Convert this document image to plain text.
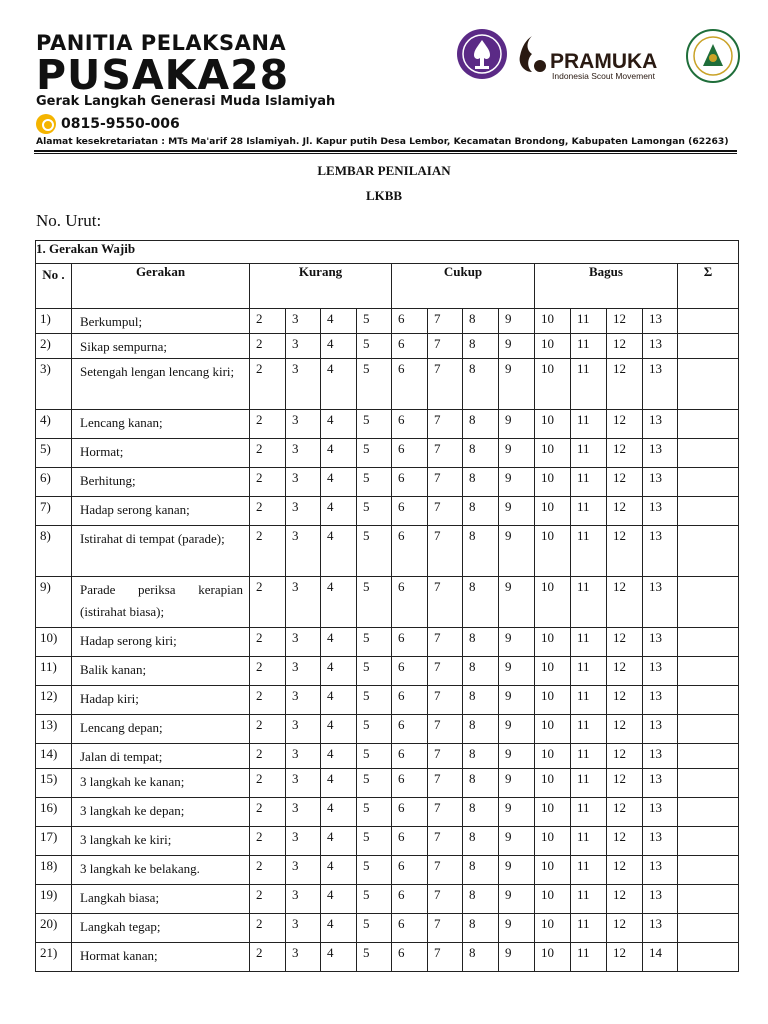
PANITIA PELAKSANA
PUSAKA28
Gerak Langkah Generasi Muda Islamiyah
0815-9550-006
PRAMUKA
Indonesia Scout Movement
Alamat kesekretariatan : MTs Ma'arif 28 Islamiyah. Jl. Kapur putih Desa Lembor, Kecamatan Brondong, Kabupaten Lamongan (62263)
LEMBAR PENILAIAN
LKBB
No. Urut:
1. Gerakan Wajib														
No .	Gerakan	Kurang				Cukup				Bagus				Σ
1)	Berkumpul;	2	3	4	5	6	7	8	9	10	11	12	13	
2)	Sikap sempurna;	2	3	4	5	6	7	8	9	10	11	12	13	
3)	Setengah lengan lencang kiri;	2	3	4	5	6	7	8	9	10	11	12	13	
4)	Lencang kanan;	2	3	4	5	6	7	8	9	10	11	12	13	
5)	Hormat;	2	3	4	5	6	7	8	9	10	11	12	13	
6)	Berhitung;	2	3	4	5	6	7	8	9	10	11	12	13	
7)	Hadap serong kanan;	2	3	4	5	6	7	8	9	10	11	12	13	
8)	Istirahat di tempat (parade);	2	3	4	5	6	7	8	9	10	11	12	13	
9)	Parade periksa kerapian (istirahat biasa);	2	3	4	5	6	7	8	9	10	11	12	13	
10)	Hadap serong kiri;	2	3	4	5	6	7	8	9	10	11	12	13	
11)	Balik kanan;	2	3	4	5	6	7	8	9	10	11	12	13	
12)	Hadap kiri;	2	3	4	5	6	7	8	9	10	11	12	13	
13)	Lencang depan;	2	3	4	5	6	7	8	9	10	11	12	13	
14)	Jalan di tempat;	2	3	4	5	6	7	8	9	10	11	12	13	
15)	3 langkah ke kanan;	2	3	4	5	6	7	8	9	10	11	12	13	
16)	3 langkah ke depan;	2	3	4	5	6	7	8	9	10	11	12	13	
17)	3 langkah ke kiri;	2	3	4	5	6	7	8	9	10	11	12	13	
18)	3 langkah ke belakang.	2	3	4	5	6	7	8	9	10	11	12	13	
19)	Langkah biasa;	2	3	4	5	6	7	8	9	10	11	12	13	
20)	Langkah tegap;	2	3	4	5	6	7	8	9	10	11	12	13	
21)	Hormat kanan;	2	3	4	5	6	7	8	9	10	11	12	14	
